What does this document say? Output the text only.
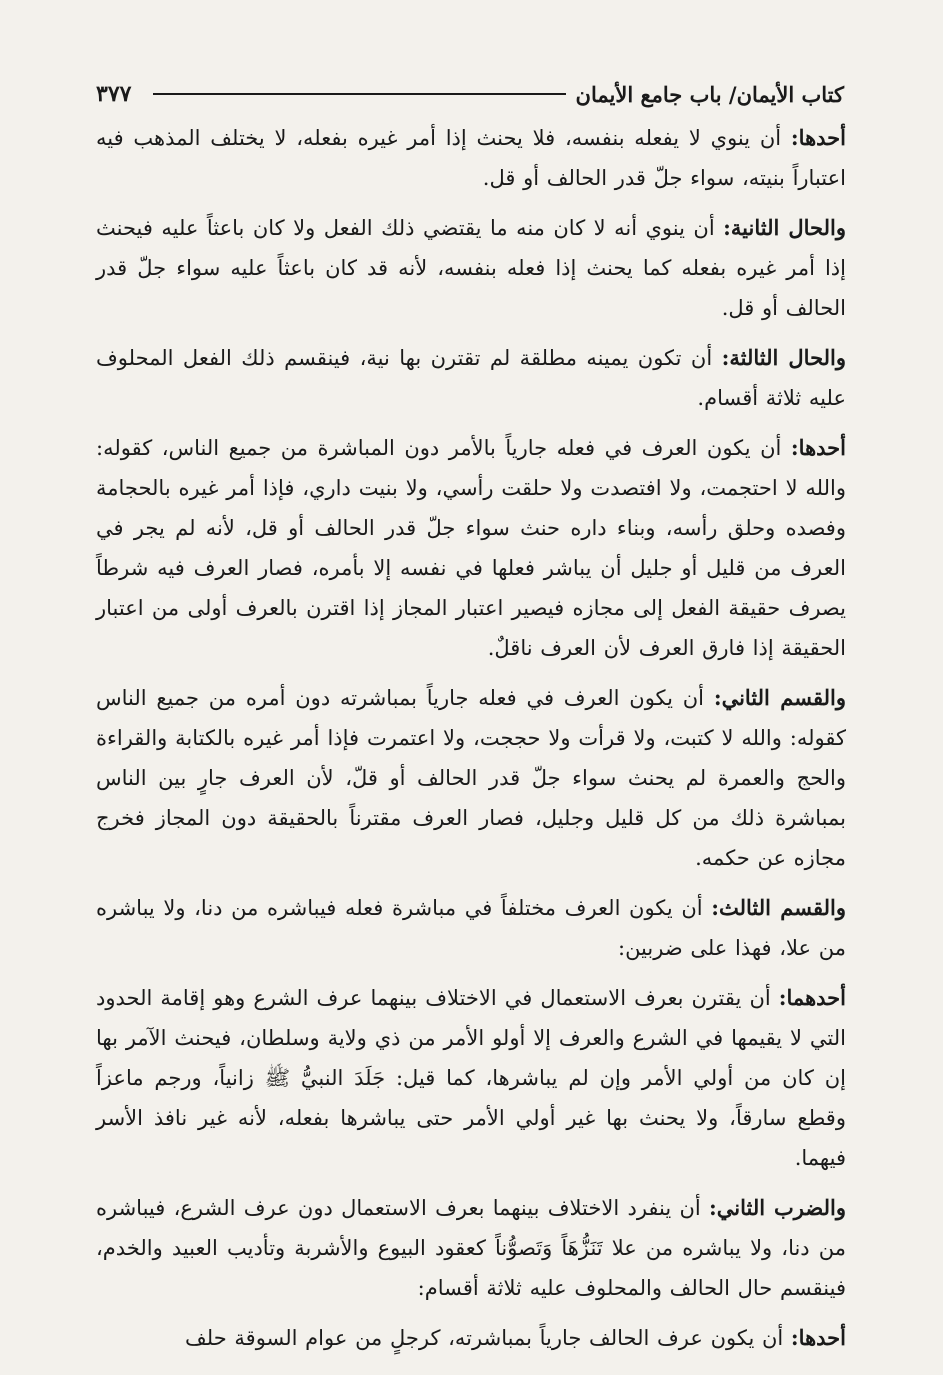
٣٧٧	كتاب الأيمان/ باب جامع الأيمان

أحدها: أن ينوي لا يفعله بنفسه، فلا يحنث إذا أمر غيره بفعله، لا يختلف المذهب فيه اعتباراً بنيته، سواء جلّ قدر الحالف أو قل.

والحال الثانية: أن ينوي أنه لا كان منه ما يقتضي ذلك الفعل ولا كان باعثاً عليه فيحنث إذا أمر غيره بفعله كما يحنث إذا فعله بنفسه، لأنه قد كان باعثاً عليه سواء جلّ قدر الحالف أو قل.

والحال الثالثة: أن تكون يمينه مطلقة لم تقترن بها نية، فينقسم ذلك الفعل المحلوف عليه ثلاثة أقسام.

أحدها: أن يكون العرف في فعله جارياً بالأمر دون المباشرة من جميع الناس، كقوله: والله لا احتجمت، ولا افتصدت ولا حلقت رأسي، ولا بنيت داري، فإذا أمر غيره بالحجامة وفصده وحلق رأسه، وبناء داره حنث سواء جلّ قدر الحالف أو قل، لأنه لم يجر في العرف من قليل أو جليل أن يباشر فعلها في نفسه إلا بأمره، فصار العرف فيه شرطاً يصرف حقيقة الفعل إلى مجازه فيصير اعتبار المجاز إذا اقترن بالعرف أولى من اعتبار الحقيقة إذا فارق العرف لأن العرف ناقلٌ.

والقسم الثاني: أن يكون العرف في فعله جارياً بمباشرته دون أمره من جميع الناس كقوله: والله لا كتبت، ولا قرأت ولا حججت، ولا اعتمرت فإذا أمر غيره بالكتابة والقراءة والحج والعمرة لم يحنث سواء جلّ قدر الحالف أو قلّ، لأن العرف جارٍ بين الناس بمباشرة ذلك من كل قليل وجليل، فصار العرف مقترناً بالحقيقة دون المجاز فخرج مجازه عن حكمه.

والقسم الثالث: أن يكون العرف مختلفاً في مباشرة فعله فيباشره من دنا، ولا يباشره من علا، فهذا على ضربين:

أحدهما: أن يقترن بعرف الاستعمال في الاختلاف بينهما عرف الشرع وهو إقامة الحدود التي لا يقيمها في الشرع والعرف إلا أولو الأمر من ذي ولاية وسلطان، فيحنث الآمر بها إن كان من أولي الأمر وإن لم يباشرها، كما قيل: جَلَدَ النبيُّ ﷺ زانياً، ورجم ماعزاً وقطع سارقاً، ولا يحنث بها غير أولي الأمر حتى يباشرها بفعله، لأنه غير نافذ الأسر فيهما.

والضرب الثاني: أن ينفرد الاختلاف بينهما بعرف الاستعمال دون عرف الشرع، فيباشره من دنا، ولا يباشره من علا تَنَزُّهَاً وَتَصوُّناً كعقود البيوع والأشربة وتأديب العبيد والخدم، فينقسم حال الحالف والمحلوف عليه ثلاثة أقسام:

أحدها: أن يكون عرف الحالف جارياً بمباشرته، كرجلٍ من عوام السوقة حلف
